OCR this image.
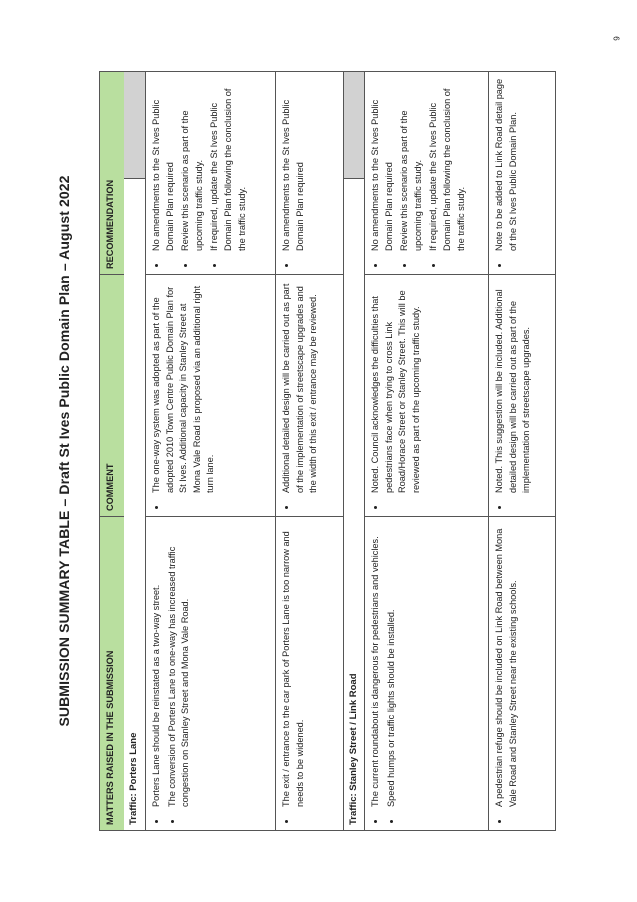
6
SUBMISSION SUMMARY TABLE – Draft St Ives Public Domain Plan – August 2022
MATTERS RAISED IN THE SUBMISSION
COMMENT
RECOMMENDATION
Traffic: Porters Lane	• Porters Lane should be reinstated as a two-way street. • The conversion of Porters Lane to one-way has increased traffic congestion on Stanley Street and Mona Vale Road.
• The one-way system was adopted as part of the adopted 2010 Town Centre Public Domain Plan for St Ives. Additional capacity in Stanley Street at Mona Vale Road is proposed via an additional right turn lane.
• No amendments to the St Ives Public Domain Plan required • Review this scenario as part of the upcoming traffic study. • If required, update the St Ives Public Domain Plan following the conclusion of the traffic study.
• The exit / entrance to the car park of Porters Lane is too narrow and needs to be widened.
• Additional detailed design will be carried out as part of the implementation of streetscape upgrades and the width of this exit / entrance may be reviewed.
• No amendments to the St Ives Public Domain Plan required
Traffic: Stanley Street / Link Road	• The current roundabout is dangerous for pedestrians and vehicles. • Speed humps or traffic lights should be installed.
• Noted. Council acknowledges the difficulties that pedestrians face when trying to cross Link Road/Horace Street or Stanley Street. This will be reviewed as part of the upcoming traffic study.
• No amendments to the St Ives Public Domain Plan required • Review this scenario as part of the upcoming traffic study. • If required, update the St Ives Public Domain Plan following the conclusion of the traffic study.
• A pedestrian refuge should be included on Link Road between Mona Vale Road and Stanley Street near the existing schools.
• Noted. This suggestion will be included. Additional detailed design will be carried out as part of the implementation of streetscape upgrades.
• Note to be added to Link Road detail page of the St Ives Public Domain Plan.
